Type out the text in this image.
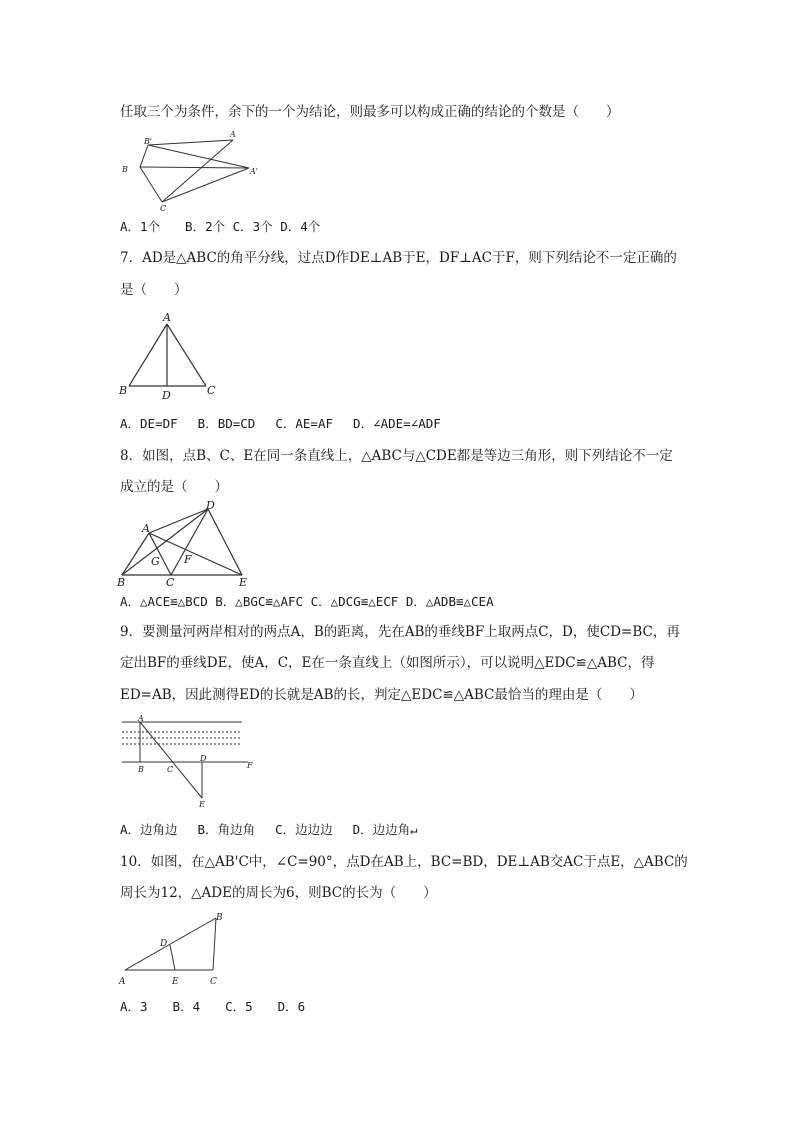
任取三个为条件，余下的一个为结论，则最多可以构成正确的结论的个数是（　　）
B'
A
B	A'
C
A．1个　　B．2个 C．3个 D．4个
7．AD是△ABC的角平分线，过点D作DE⊥AB于E，DF⊥AC于F，则下列结论不一定正确的
是（　　）
A
B	D	C
A．DE=DF　 B．BD=CD　 C．AE=AF　 D．∠ADE=∠ADF
8．如图，点B、C、E在同一条直线上，△ABC与△CDE都是等边三角形，则下列结论不一定
成立的是（　　）
A
D
G F
B	C	E
A．△ACE≌△BCD B．△BGC≌△AFC C．△DCG≌△ECF D．△ADB≌△CEA
9．要测量河两岸相对的两点A，B的距离，先在AB的垂线BF上取两点C，D，使CD=BC，再
定出BF的垂线DE，使A，C，E在一条直线上（如图所示），可以说明△EDC≌△ABC，得
ED=AB，因此测得ED的长就是AB的长，判定△EDC≌△ABC最恰当的理由是（　　）
A
B	C
D
F
E
A．边角边　 B．角边角　 C．边边边　 D．边边角↵
10．如图，在△AB'C中，∠C=90°，点D在AB上，BC=BD，DE⊥AB交AC于点E，△ABC的
周长为12，△ADE的周长为6，则BC的长为（　　）
B
D
A	E	C
A．3　　B．4　　C．5　　D．6
